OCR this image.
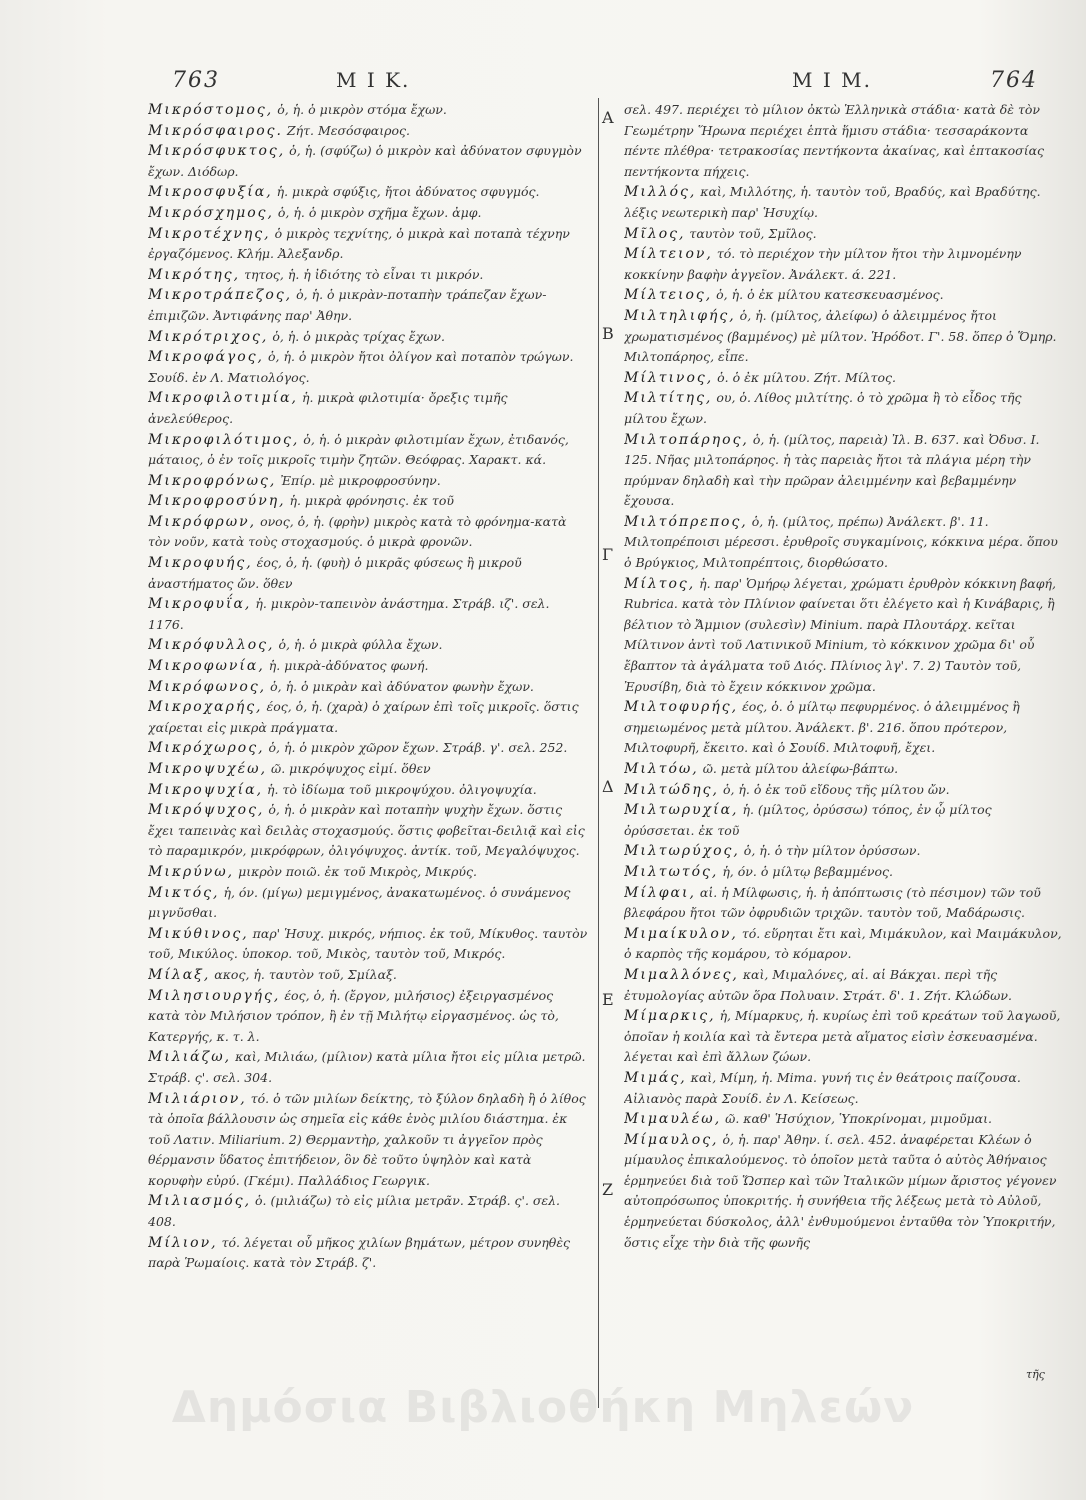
763	Μ Ι Κ.	Μ Ι Μ.	764

Μικρόστομος, ὁ, ἡ. ὁ μικρὸν στόμα ἔχων.

Μικρόσφαιρος. Ζήτ. Μεσόσφαιρος.

Μικρόσφυκτος, ὁ, ἡ. (σφύζω) ὁ μικρὸν καὶ ἀδύνατον σφυγμὸν ἔχων. Διόδωρ.

Μικροσφυξία, ἡ. μικρὰ σφύξις, ἤτοι ἀδύνατος σφυγμός.

Μικρόσχημος, ὁ, ἡ. ὁ μικρὸν σχῆμα ἔχων. ἀμφ.

Μικροτέχνης, ὁ μικρὸς τεχνίτης, ὁ μικρὰ καὶ ποταπὰ τέχνην ἐργαζόμενος. Κλήμ. Ἀλεξανδρ.

Μικρότης, τητος, ἡ. ἡ ἰδιότης τὸ εἶναι τι μικρόν.

Μικροτράπεζος, ὁ, ἡ. ὁ μικρὰν-ποταπὴν τράπεζαν ἔχων-ἐπιμιζῶν. Ἀντιφάνης παρ' Ἀθην.

Μικρότριχος, ὁ, ἡ. ὁ μικρὰς τρίχας ἔχων.

Μικροφάγος, ὁ, ἡ. ὁ μικρὸν ἤτοι ὀλίγον καὶ ποταπὸν τρώγων. Σουίδ. ἐν Λ. Ματιολόγος.

Μικροφιλοτιμία, ἡ. μικρὰ φιλοτιμία· ὄρεξις τιμῆς ἀνελεύθερος.

Μικροφιλότιμος, ὁ, ἡ. ὁ μικρὰν φιλοτιμίαν ἔχων, ἐτιδανός, μάταιος, ὁ ἐν τοῖς μικροῖς τιμὴν ζητῶν. Θεόφρας. Χαρακτ. κά.

Μικροφρόνως, Ἐπίρ. μὲ μικροφροσύνην.

Μικροφροσύνη, ἡ. μικρὰ φρόνησις. ἐκ τοῦ

Μικρόφρων, ονος, ὁ, ἡ. (φρὴν) μικρὸς κατὰ τὸ φρόνημα-κατὰ τὸν νοῦν, κατὰ τοὺς στοχασμούς. ὁ μικρὰ φρονῶν.

Μικροφυής, έος, ὁ, ἡ. (φυὴ) ὁ μικρᾶς φύσεως ἢ μικροῦ ἀναστήματος ὤν. ὅθεν

Μικροφυΐα, ἡ. μικρὸν-ταπεινὸν ἀνάστημα. Στράβ. ιζ'. σελ. 1176.

Μικρόφυλλος, ὁ, ἡ. ὁ μικρὰ φύλλα ἔχων.

Μικροφωνία, ἡ. μικρὰ-ἀδύνατος φωνή.

Μικρόφωνος, ὁ, ἡ. ὁ μικρὰν καὶ ἀδύνατον φωνὴν ἔχων.

Μικροχαρής, έος, ὁ, ἡ. (χαρὰ) ὁ χαίρων ἐπὶ τοῖς μικροῖς. ὅστις χαίρεται εἰς μικρὰ πράγματα.

Μικρόχωρος, ὁ, ἡ. ὁ μικρὸν χῶρον ἔχων. Στράβ. γ'. σελ. 252.

Μικροψυχέω, ῶ. μικρόψυχος εἰμί. ὅθεν

Μικροψυχία, ἡ. τὸ ἰδίωμα τοῦ μικροψύχου. ὀλιγοψυχία.

Μικρόψυχος, ὁ, ἡ. ὁ μικρὰν καὶ ποταπὴν ψυχὴν ἔχων. ὅστις ἔχει ταπεινὰς καὶ δειλὰς στοχασμούς. ὅστις φοβεῖται-δειλιᾷ καὶ εἰς τὸ παραμικρόν, μικρόφρων, ὀλιγόψυχος. ἀντίκ. τοῦ, Μεγαλόψυχος.

Μικρύνω, μικρὸν ποιῶ. ἐκ τοῦ Μικρὸς, Μικρύς.

Μικτός, ἡ, όν. (μίγω) μεμιγμένος, ἀνακατωμένος. ὁ συνάμενος μιγνῦσθαι.

Μικύθινος, παρ' Ἡσυχ. μικρός, νήπιος. ἐκ τοῦ, Μίκυθος. ταυτὸν τοῦ, Μικύλος. ὑποκορ. τοῦ, Μικὸς, ταυτὸν τοῦ, Μικρός.

Μίλαξ, ακος, ἡ. ταυτὸν τοῦ, Σμίλαξ.

Μιλησιουργής, έος, ὁ, ἡ. (ἔργον, μιλήσιος) ἐξειργασμένος κατὰ τὸν Μιλήσιον τρόπον, ἢ ἐν τῇ Μιλήτῳ εἰργασμένος. ὡς τὸ, Κατεργής, κ. τ. λ.

Μιλιάζω, καὶ, Μιλιάω, (μίλιον) κατὰ μίλια ἤτοι εἰς μίλια μετρῶ. Στράβ. ς'. σελ. 304.

Μιλιάριον, τό. ὁ τῶν μιλίων δείκτης, τὸ ξύλον δηλαδὴ ἢ ὁ λίθος τὰ ὁποῖα βάλλουσιν ὡς σημεῖα εἰς κάθε ἑνὸς μιλίου διάστημα. ἐκ τοῦ Λατιν. Miliarium. 2) Θερμαντὴρ, χαλκοῦν τι ἀγγεῖον πρὸς θέρμανσιν ὕδατος ἐπιτήδειον, ὃν δὲ τοῦτο ὑψηλὸν καὶ κατὰ κορυφὴν εὐρύ. (Γκέμι). Παλλάδιος Γεωργικ.

Μιλιασμός, ὁ. (μιλιάζω) τὸ εἰς μίλια μετρᾶν. Στράβ. ς'. σελ. 408.

Μίλιον, τό. λέγεται οὗ μῆκος χιλίων βημάτων, μέτρον συνηθὲς παρὰ Ῥωμαίοις. κατὰ τὸν Στράβ. ζ'.

σελ. 497. περιέχει τὸ μίλιον ὀκτὼ Ἑλληνικὰ στάδια· κατὰ δὲ τὸν Γεωμέτρην Ἥρωνα περιέχει ἑπτὰ ἥμισυ στάδια· τεσσαράκοντα πέντε πλέθρα· τετρακοσίας πεντήκοντα ἀκαίνας, καὶ ἑπτακοσίας πεντήκοντα πήχεις.

Μιλλός, καὶ, Μιλλότης, ἡ. ταυτὸν τοῦ, Βραδύς, καὶ Βραδύτης. λέξις νεωτερικὴ παρ' Ἡσυχίῳ.

Μῖλος, ταυτὸν τοῦ, Σμῖλος.

Μίλτειον, τό. τὸ περιέχον τὴν μίλτον ἤτοι τὴν λιμνομένην κοκκίνην βαφὴν ἀγγεῖον. Ἀνάλεκτ. ά. 221.

Μίλτειος, ὁ, ἡ. ὁ ἐκ μίλτου κατεσκευασμένος.

Μιλτηλιφής, ὁ, ἡ. (μίλτος, ἀλείφω) ὁ ἀλειμμένος ἤτοι χρωματισμένος (βαμμένος) μὲ μίλτον. Ἡρόδοτ. Γ'. 58. ὅπερ ὁ Ὅμηρ. Μιλτοπάρηος, εἶπε.

Μίλτινος, ὁ. ὁ ἐκ μίλτου. Ζήτ. Μίλτος.

Μιλτίτης, ου, ὁ. Λίθος μιλτίτης. ὁ τὸ χρῶμα ἢ τὸ εἶδος τῆς μίλτου ἔχων.

Μιλτοπάρηος, ὁ, ἡ. (μίλτος, παρειὰ) Ἰλ. Β. 637. καὶ Ὀδυσ. Ι. 125. Νῆας μιλτοπάρηος. ἡ τὰς παρειὰς ἤτοι τὰ πλάγια μέρη τὴν πρύμναν δηλαδὴ καὶ τὴν πρῶραν ἀλειμμένην καὶ βεβαμμένην ἔχουσα.

Μιλτόπρεπος, ὁ, ἡ. (μίλτος, πρέπω) Ἀνάλεκτ. β'. 11. Μιλτοπρέποισι μέρεσσι. ἐρυθροῖς συγκαμίνοις, κόκκινα μέρα. ὅπου ὁ Βρύγκιος, Μιλτοπρέπτοις, διορθώσατο.

Μίλτος, ἡ. παρ' Ὁμήρῳ λέγεται, χρώματι ἐρυθρὸν κόκκινη βαφή, Rubrica. κατὰ τὸν Πλίνιον φαίνεται ὅτι ἐλέγετο καὶ ἡ Κινάβαρις, ἢ βέλτιον τὸ Ἄμμιον (συλεσὶν) Minium. παρὰ Πλουτάρχ. κεῖται Μίλτινον ἀντὶ τοῦ Λατινικοῦ Minium, τὸ κόκκινον χρῶμα δι' οὗ ἔβαπτον τὰ ἀγάλματα τοῦ Διός. Πλίνιος λγ'. 7. 2) Ταυτὸν τοῦ, Ἐρυσίβη, διὰ τὸ ἔχειν κόκκινον χρῶμα.

Μιλτοφυρής, έος, ὁ. ὁ μίλτῳ πεφυρμένος. ὁ ἀλειμμένος ἢ σημειωμένος μετὰ μίλτου. Ἀνάλεκτ. β'. 216. ὅπου πρότερον, Μιλτοφυρῆ, ἔκειτο. καὶ ὁ Σουίδ. Μιλτοφυῆ, ἔχει.

Μιλτόω, ῶ. μετὰ μίλτου ἀλείφω-βάπτω.

Μιλτώδης, ὁ, ἡ. ὁ ἐκ τοῦ εἴδους τῆς μίλτου ὤν.

Μιλτωρυχία, ἡ. (μίλτος, ὀρύσσω) τόπος, ἐν ᾧ μίλτος ὀρύσσεται. ἐκ τοῦ

Μιλτωρύχος, ὁ, ἡ. ὁ τὴν μίλτον ὀρύσσων.

Μιλτωτός, ἡ, όν. ὁ μίλτῳ βεβαμμένος.

Μίλφαι, αἱ. ἡ Μίλφωσις, ἡ. ἡ ἀπόπτωσις (τὸ πέσιμον) τῶν τοῦ βλεφάρου ἤτοι τῶν ὀφρυδιῶν τριχῶν. ταυτὸν τοῦ, Μαδάρωσις.

Μιμαίκυλον, τό. εὕρηται ἔτι καὶ, Μιμάκυλον, καὶ Μαιμάκυλον, ὁ καρπὸς τῆς κομάρου, τὸ κόμαρον.

Μιμαλλόνες, καὶ, Μιμαλόνες, αἱ. αἱ Βάκχαι. περὶ τῆς ἐτυμολογίας αὐτῶν ὅρα Πολυαιν. Στράτ. δ'. 1. Ζήτ. Κλώδων.

Μίμαρκις, ἡ, Μίμαρκυς, ἡ. κυρίως ἐπὶ τοῦ κρεάτων τοῦ λαγωοῦ, ὁποῖαν ἡ κοιλία καὶ τὰ ἔντερα μετὰ αἵματος εἰσὶν ἐσκευασμένα. λέγεται καὶ ἐπὶ ἄλλων ζώων.

Μιμάς, καὶ, Μίμη, ἡ. Mima. γυνή τις ἐν θεάτροις παίζουσα. Αἰλιανὸς παρὰ Σουίδ. ἐν Λ. Κείσεως.

Μιμαυλέω, ῶ. καθ' Ἡσύχιον, Ὑποκρίνομαι, μιμοῦμαι.

Μίμαυλος, ὁ, ἡ. παρ' Ἀθην. ί. σελ. 452. ἀναφέρεται Κλέων ὁ μίμαυλος ἐπικαλούμενος. τὸ ὁποῖον μετὰ ταῦτα ὁ αὐτὸς Ἀθήναιος ἑρμηνεύει διὰ τοῦ Ὥσπερ καὶ τῶν Ἰταλικῶν μίμων ἄριστος γέγονεν αὐτοπρόσωπος ὑποκριτής. ἡ συνήθεια τῆς λέξεως μετὰ τὸ Αὐλοῦ, ἑρμηνεύεται δύσκολος, ἀλλ' ἐνθυμούμενοι ἐνταῦθα τὸν Ὑποκριτήν, ὅστις εἶχε τὴν διὰ τῆς φωνῆς

Α
Β
Γ
Δ
Ε
Ζ
τῆς
Δημόσια Βιβλιοθήκη Μηλεών
